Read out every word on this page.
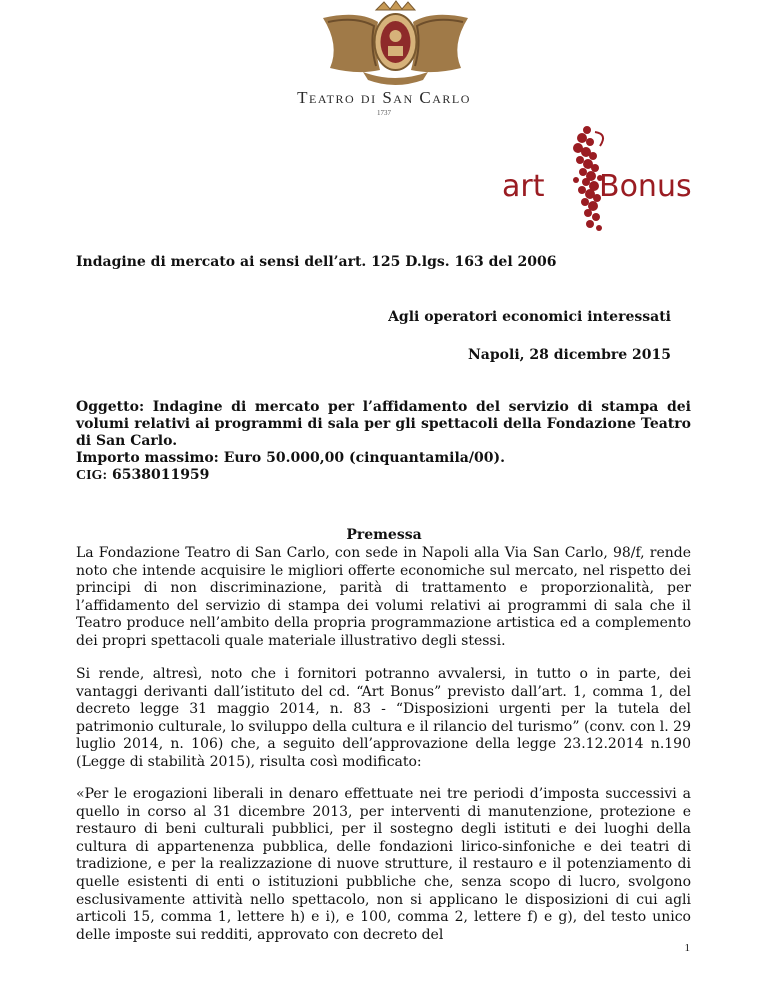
Teatro di San Carlo
1737
art Bonus
Indagine di mercato ai sensi dell’art. 125 D.lgs. 163 del 2006
Agli operatori economici interessati
Napoli, 28 dicembre 2015
Oggetto: Indagine di mercato per l’affidamento del servizio di stampa dei
volumi relativi ai programmi di sala per gli spettacoli della Fondazione Teatro
di San Carlo.
Importo massimo: Euro 50.000,00 (cinquantamila/00).
CIG: 6538011959
Premessa
La Fondazione Teatro di San Carlo, con sede in Napoli alla Via San Carlo, 98/f, rende noto che intende acquisire le migliori offerte economiche sul mercato, nel rispetto dei principi di non discriminazione, parità di trattamento e proporzionalità, per l’affidamento del servizio di stampa dei volumi relativi ai programmi di sala che il Teatro produce nell’ambito della propria programmazione artistica ed a complemento dei propri spettacoli quale materiale illustrativo degli stessi.
Si rende, altresì, noto che i fornitori potranno avvalersi, in tutto o in parte, dei vantaggi derivanti dall’istituto del cd. “Art Bonus” previsto dall’art. 1, comma 1, del decreto legge 31 maggio 2014, n. 83 - “Disposizioni urgenti per la tutela del patrimonio culturale, lo sviluppo della cultura e il rilancio del turismo” (conv. con l. 29 luglio 2014, n. 106) che, a seguito dell’approvazione della legge 23.12.2014 n.190 (Legge di stabilità 2015), risulta così modificato:
«Per le erogazioni liberali in denaro effettuate nei tre periodi d’imposta successivi a quello in corso al 31 dicembre 2013, per interventi di manutenzione, protezione e restauro di beni culturali pubblici, per il sostegno degli istituti e dei luoghi della cultura di appartenenza pubblica, delle fondazioni lirico-sinfoniche e dei teatri di tradizione, e per la realizzazione di nuove strutture, il restauro e il potenziamento di quelle esistenti di enti o istituzioni pubbliche che, senza scopo di lucro, svolgono esclusivamente attività nello spettacolo, non si applicano le disposizioni di cui agli articoli 15, comma 1, lettere h) e i), e 100, comma 2, lettere f) e g), del testo unico delle imposte sui redditi, approvato con decreto del
1
